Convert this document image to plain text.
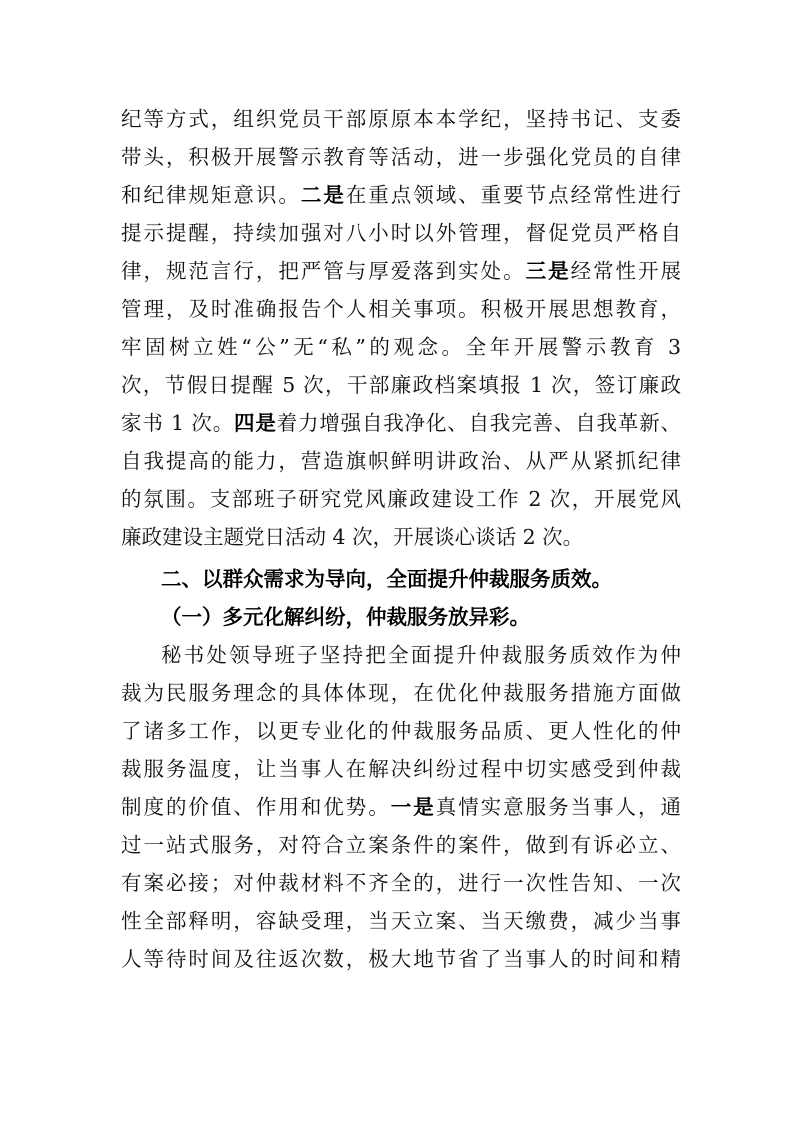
纪等方式，组织党员干部原原本本学纪，坚持书记、支委
带头，积极开展警示教育等活动，进一步强化党员的自律
和纪律规矩意识。二是在重点领域、重要节点经常性进行
提示提醒，持续加强对八小时以外管理，督促党员严格自
律，规范言行，把严管与厚爱落到实处。三是经常性开展
管理，及时准确报告个人相关事项。积极开展思想教育，
牢固树立姓“公”无“私”的观念。全年开展警示教育 3
次，节假日提醒 5 次，干部廉政档案填报 1 次，签订廉政
家书 1 次。四是着力增强自我净化、自我完善、自我革新、
自我提高的能力，营造旗帜鲜明讲政治、从严从紧抓纪律
的氛围。支部班子研究党风廉政建设工作 2 次，开展党风
廉政建设主题党日活动 4 次，开展谈心谈话 2 次。
二、以群众需求为导向，全面提升仲裁服务质效。
（一）多元化解纠纷，仲裁服务放异彩。
秘书处领导班子坚持把全面提升仲裁服务质效作为仲
裁为民服务理念的具体体现，在优化仲裁服务措施方面做
了诸多工作，以更专业化的仲裁服务品质、更人性化的仲
裁服务温度，让当事人在解决纠纷过程中切实感受到仲裁
制度的价值、作用和优势。一是真情实意服务当事人，通
过一站式服务，对符合立案条件的案件，做到有诉必立、
有案必接；对仲裁材料不齐全的，进行一次性告知、一次
性全部释明，容缺受理，当天立案、当天缴费，减少当事
人等待时间及往返次数，极大地节省了当事人的时间和精
